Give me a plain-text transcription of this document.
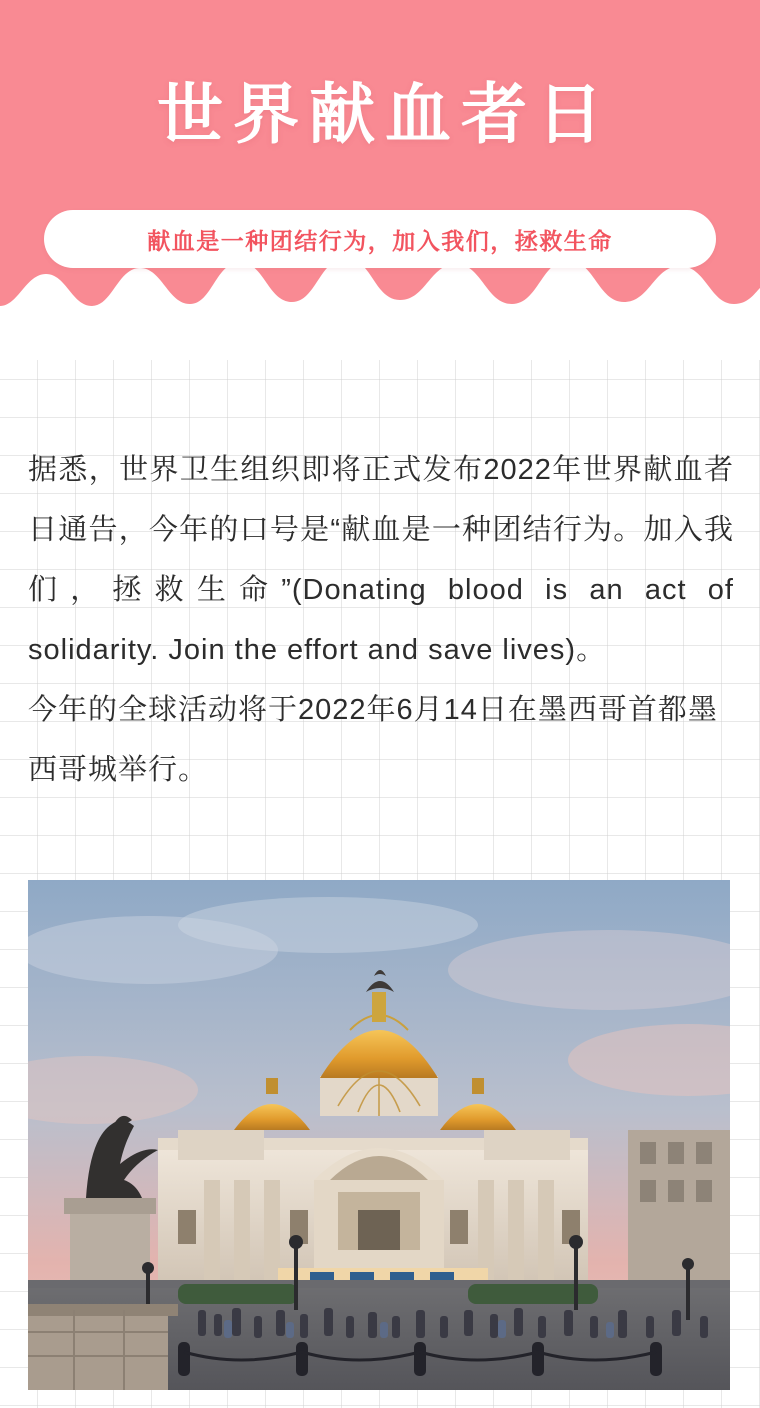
世界献血者日
献血是一种团结行为，加入我们，拯救生命

据悉，世界卫生组织即将正式发布2022年世界献血者日通告，今年的口号是“献血是一种团结行为。加入我们，拯救生命”(Donating blood is an act of solidarity. Join the effort and save lives)。

今年的全球活动将于2022年6月14日在墨西哥首都墨西哥城举行。
